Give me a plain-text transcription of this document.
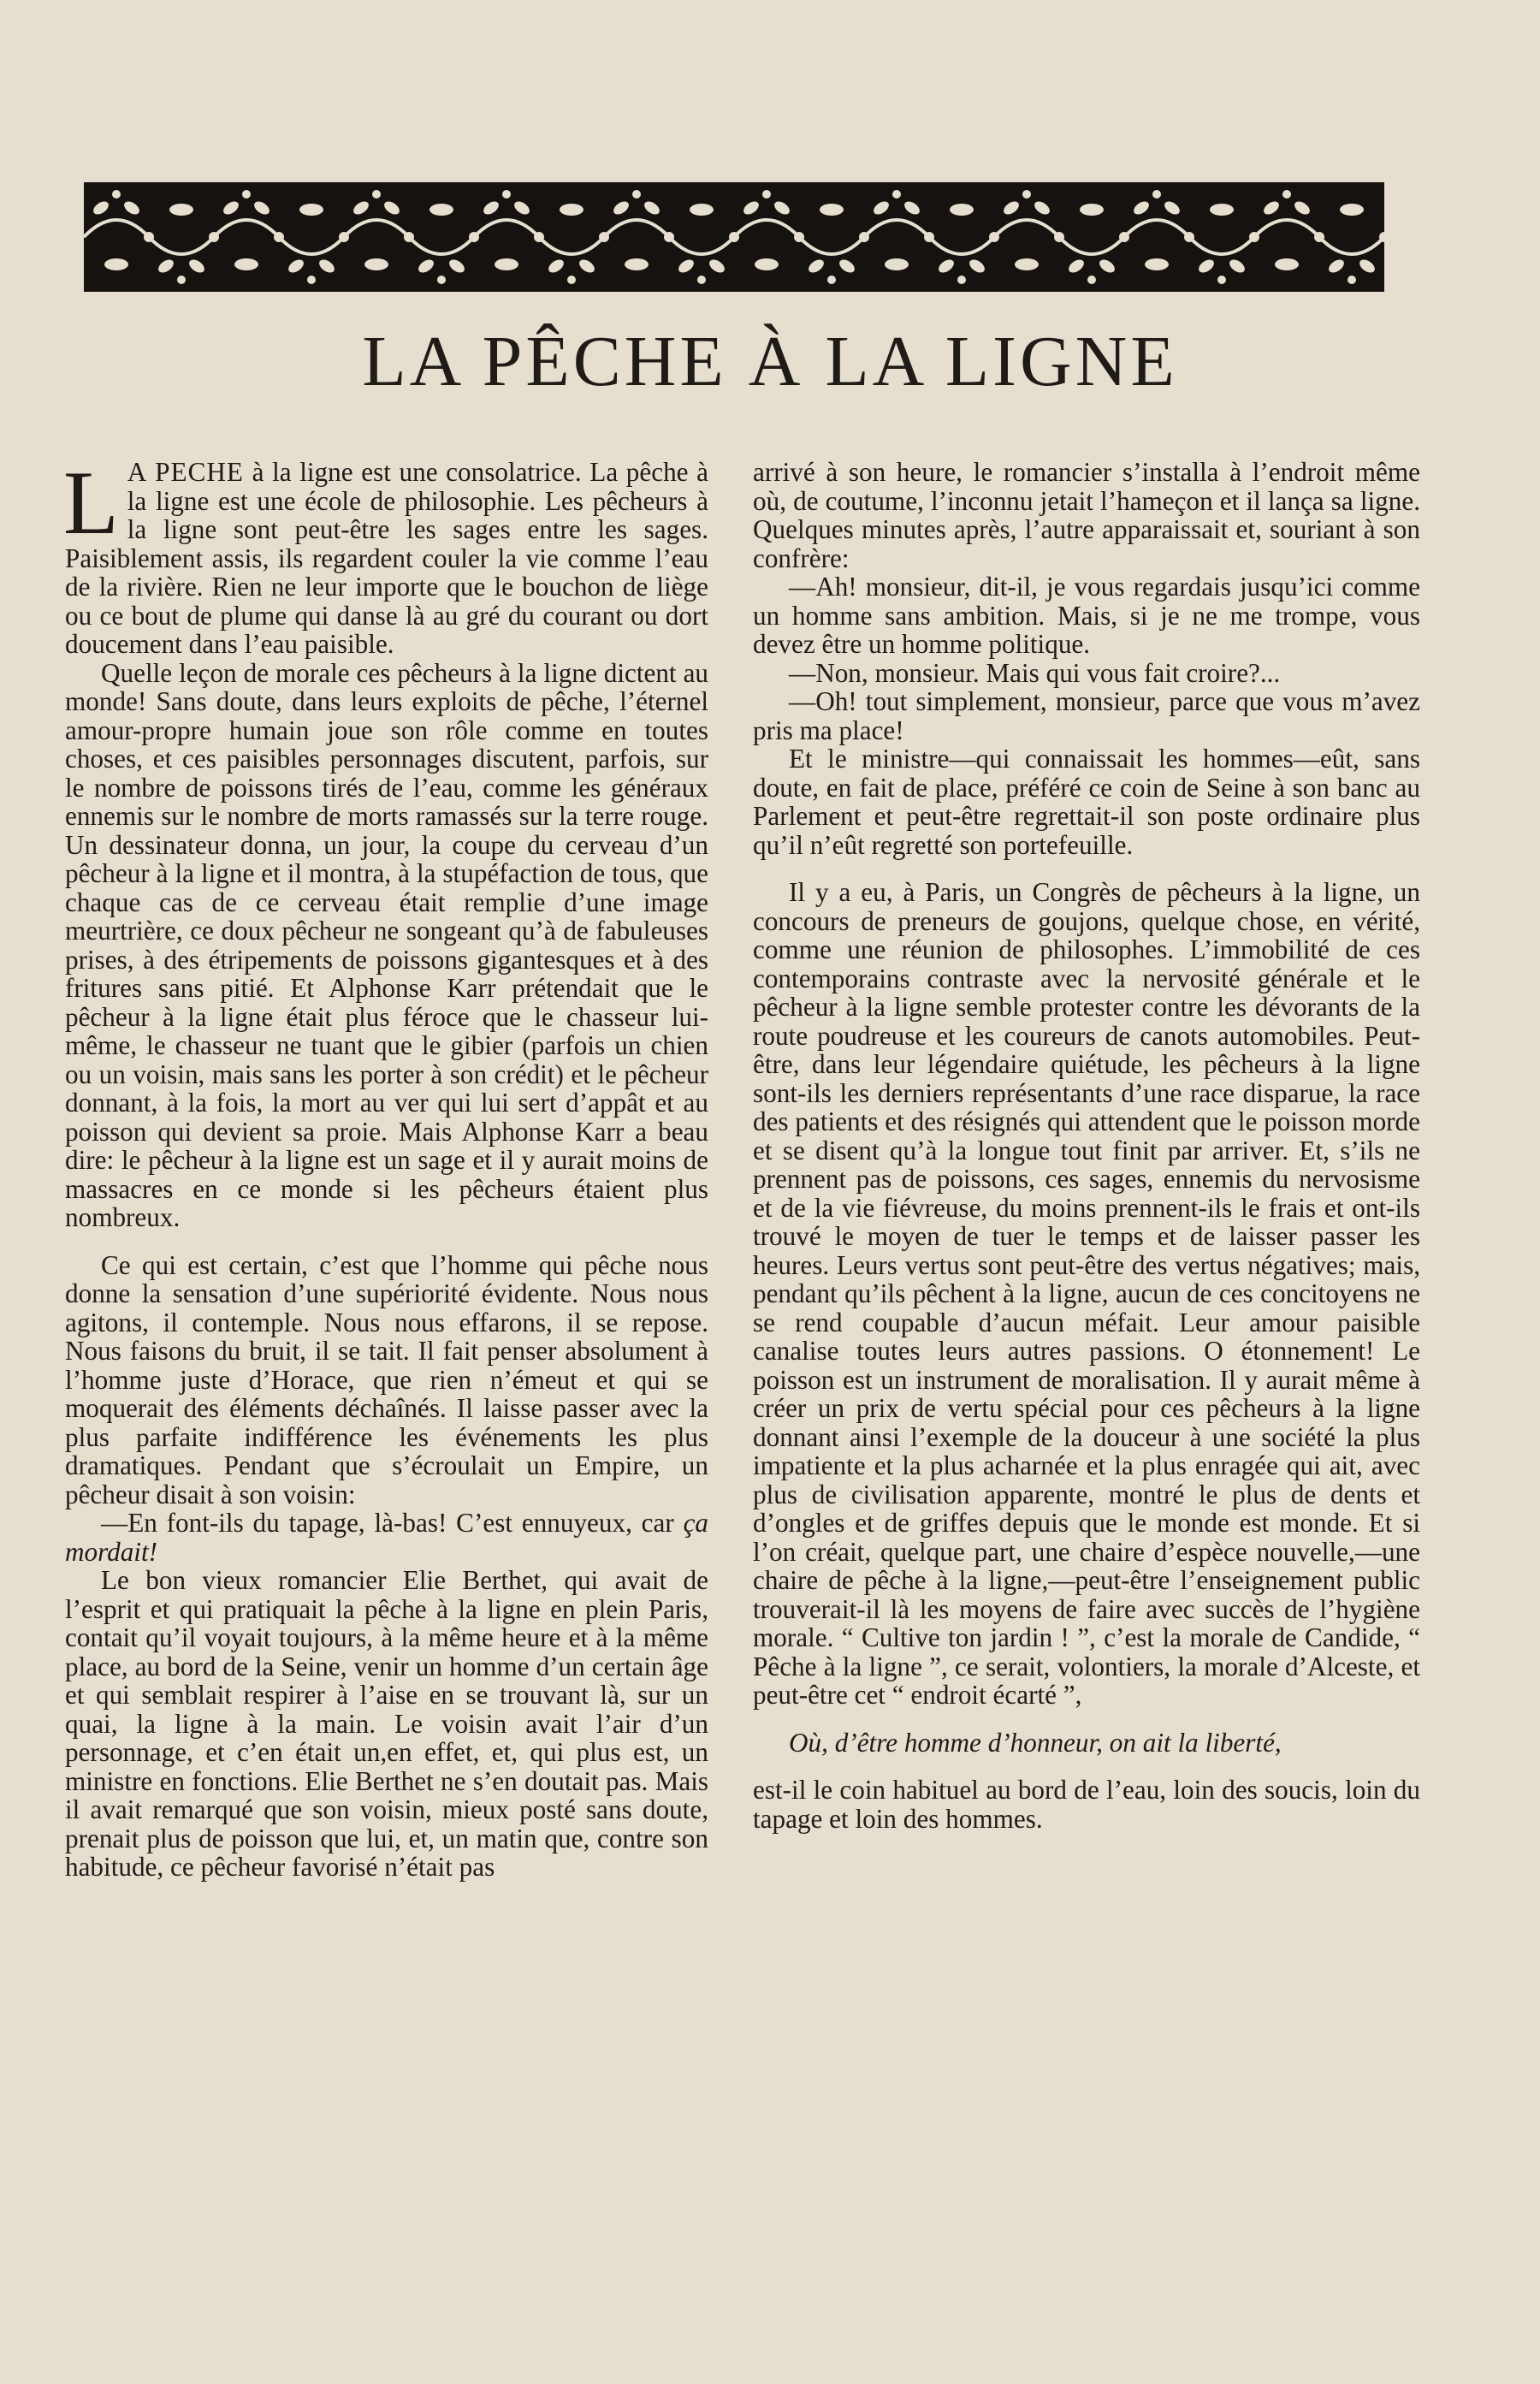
LA PÊCHE À LA LIGNE

L A PECHE à la ligne est une consolatrice. La pêche à la ligne est une école de philosophie. Les pêcheurs à la ligne sont peut-être les sages entre les sages. Paisiblement assis, ils regardent couler la vie comme l’eau de la rivière. Rien ne leur importe que le bouchon de liège ou ce bout de plume qui danse là au gré du courant ou dort doucement dans l’eau paisible.

Quelle leçon de morale ces pêcheurs à la ligne dictent au monde! Sans doute, dans leurs exploits de pêche, l’éternel amour-propre humain joue son rôle comme en toutes choses, et ces paisibles personnages discutent, parfois, sur le nombre de poissons tirés de l’eau, comme les généraux ennemis sur le nombre de morts ramassés sur la terre rouge. Un dessinateur donna, un jour, la coupe du cerveau d’un pêcheur à la ligne et il montra, à la stupéfaction de tous, que chaque cas de ce cerveau était remplie d’une image meurtrière, ce doux pêcheur ne songeant qu’à de fabuleuses prises, à des étripements de poissons gigantesques et à des fritures sans pitié. Et Alphonse Karr prétendait que le pêcheur à la ligne était plus féroce que le chasseur lui-même, le chasseur ne tuant que le gibier (parfois un chien ou un voisin, mais sans les porter à son crédit) et le pêcheur donnant, à la fois, la mort au ver qui lui sert d’appât et au poisson qui devient sa proie. Mais Alphonse Karr a beau dire: le pêcheur à la ligne est un sage et il y aurait moins de massacres en ce monde si les pêcheurs étaient plus nombreux.

Ce qui est certain, c’est que l’homme qui pêche nous donne la sensation d’une supériorité évidente. Nous nous agitons, il contemple. Nous nous effarons, il se repose. Nous faisons du bruit, il se tait. Il fait penser absolument à l’homme juste d’Horace, que rien n’émeut et qui se moquerait des éléments déchaînés. Il laisse passer avec la plus parfaite indifférence les événements les plus dramatiques. Pendant que s’écroulait un Empire, un pêcheur disait à son voisin:

—En font-ils du tapage, là-bas! C’est ennuyeux, car ça mordait!

Le bon vieux romancier Elie Berthet, qui avait de l’esprit et qui pratiquait la pêche à la ligne en plein Paris, contait qu’il voyait toujours, à la même heure et à la même place, au bord de la Seine, venir un homme d’un certain âge et qui semblait respirer à l’aise en se trouvant là, sur un quai, la ligne à la main. Le voisin avait l’air d’un personnage, et c’en était un,en effet, et, qui plus est, un ministre en fonctions. Elie Berthet ne s’en doutait pas. Mais il avait remarqué que son voisin, mieux posté sans doute, prenait plus de poisson que lui, et, un matin que, contre son habitude, ce pêcheur favorisé n’était pas

arrivé à son heure, le romancier s’installa à l’endroit même où, de coutume, l’inconnu jetait l’hameçon et il lança sa ligne. Quelques minutes après, l’autre apparaissait et, souriant à son confrère:

—Ah! monsieur, dit-il, je vous regardais jusqu’ici comme un homme sans ambition. Mais, si je ne me trompe, vous devez être un homme politique.

—Non, monsieur. Mais qui vous fait croire?...

—Oh! tout simplement, monsieur, parce que vous m’avez pris ma place!

Et le ministre—qui connaissait les hommes—eût, sans doute, en fait de place, préféré ce coin de Seine à son banc au Parlement et peut-être regrettait-il son poste ordinaire plus qu’il n’eût regretté son portefeuille.

Il y a eu, à Paris, un Congrès de pêcheurs à la ligne, un concours de preneurs de goujons, quelque chose, en vérité, comme une réunion de philosophes. L’immobilité de ces contemporains contraste avec la nervosité générale et le pêcheur à la ligne semble protester contre les dévorants de la route poudreuse et les coureurs de canots automobiles. Peut-être, dans leur légendaire quiétude, les pêcheurs à la ligne sont-ils les derniers représentants d’une race disparue, la race des patients et des résignés qui attendent que le poisson morde et se disent qu’à la longue tout finit par arriver. Et, s’ils ne prennent pas de poissons, ces sages, ennemis du nervosisme et de la vie fiévreuse, du moins prennent-ils le frais et ont-ils trouvé le moyen de tuer le temps et de laisser passer les heures. Leurs vertus sont peut-être des vertus négatives; mais, pendant qu’ils pêchent à la ligne, aucun de ces concitoyens ne se rend coupable d’aucun méfait. Leur amour paisible canalise toutes leurs autres passions. O étonnement! Le poisson est un instrument de moralisation. Il y aurait même à créer un prix de vertu spécial pour ces pêcheurs à la ligne donnant ainsi l’exemple de la douceur à une société la plus impatiente et la plus acharnée et la plus enragée qui ait, avec plus de civilisation apparente, montré le plus de dents et d’ongles et de griffes depuis que le monde est monde. Et si l’on créait, quelque part, une chaire d’espèce nouvelle,—une chaire de pêche à la ligne,—peut-être l’enseignement public trouverait-il là les moyens de faire avec succès de l’hygiène morale. “ Cultive ton jardin ! ”, c’est la morale de Candide, “ Pêche à la ligne ”, ce serait, volontiers, la morale d’Alceste, et peut-être cet “ endroit écarté ”,

Où, d’être homme d’honneur, on ait la liberté,

est-il le coin habituel au bord de l’eau, loin des soucis, loin du tapage et loin des hommes.
